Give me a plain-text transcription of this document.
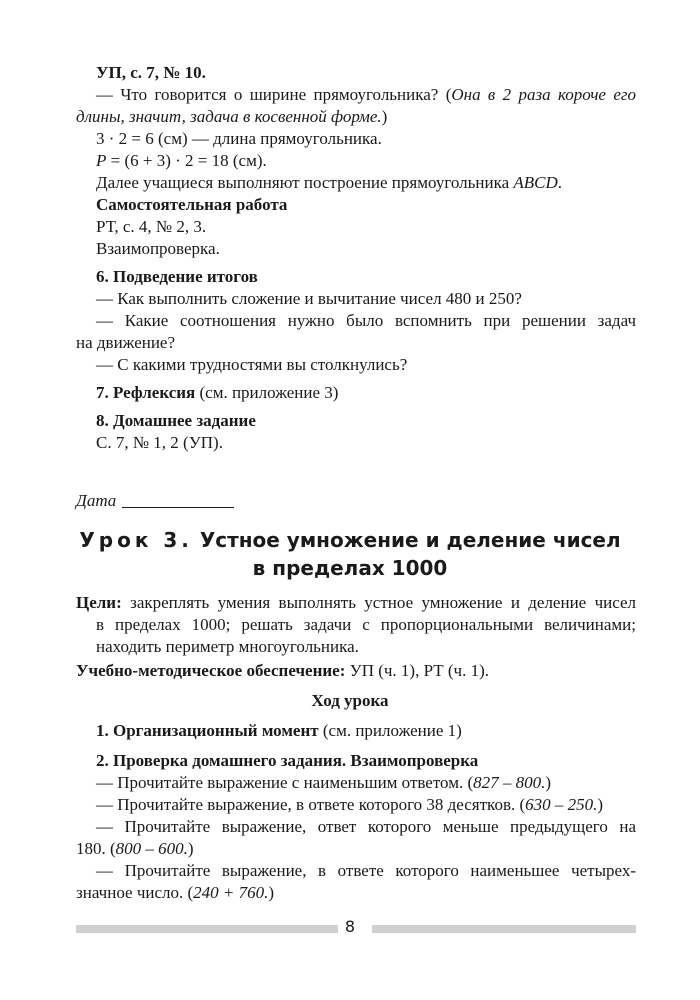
УП, с. 7, № 10.
— Что говорится о ширине прямоугольника? (Она в 2 раза короче его
длины, значит, задача в косвенной форме.)
3 · 2 = 6 (см) — длина прямоугольника.
P = (6 + 3) · 2 = 18 (см).
Далее учащиеся выполняют построение прямоугольника ABCD.
Самостоятельная работа
РТ, с. 4, № 2, 3.
Взаимопроверка.
6. Подведение итогов
— Как выполнить сложение и вычитание чисел 480 и 250?
— Какие соотношения нужно было вспомнить при решении задач
на движение?
— С какими трудностями вы столкнулись?
7. Рефлексия (см. приложение 3)
8. Домашнее задание
С. 7, № 1, 2 (УП).
Дата
Урок 3. Устное умножение и деление чисел
в пределах 1000
Цели: закреплять умения выполнять устное умножение и деление чисел
в пределах 1000; решать задачи с пропорциональными величинами;
находить периметр многоугольника.
Учебно-методическое обеспечение: УП (ч. 1), РТ (ч. 1).
Ход урока
1. Организационный момент (см. приложение 1)
2. Проверка домашнего задания. Взаимопроверка
— Прочитайте выражение с наименьшим ответом. (827 – 800.)
— Прочитайте выражение, в ответе которого 38 десятков. (630 – 250.)
— Прочитайте выражение, ответ которого меньше предыдущего на
180. (800 – 600.)
— Прочитайте выражение, в ответе которого наименьшее четырех-
значное число. (240 + 760.)
8
